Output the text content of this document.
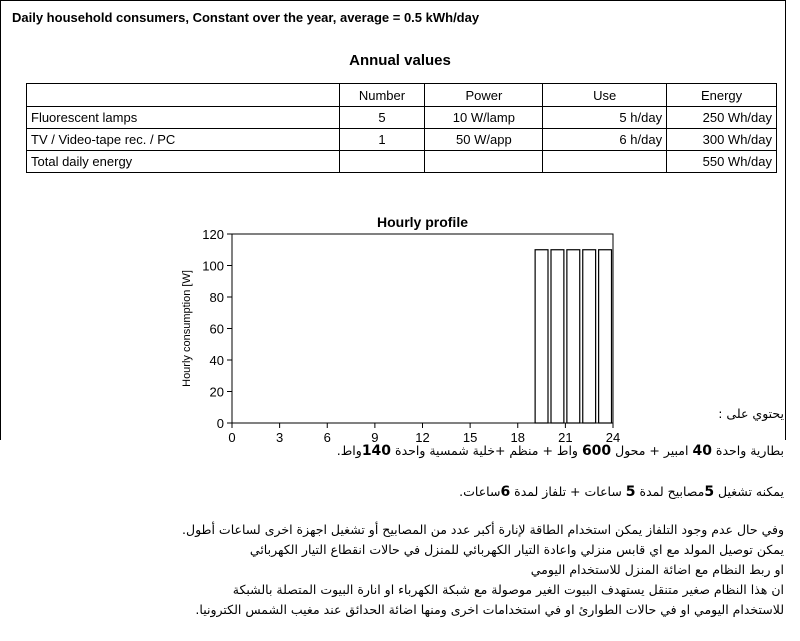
Daily household consumers, Constant over the year, average = 0.5 kWh/day
Annual values
	Number	Power	Use	Energy
Fluorescent lamps	5	10 W/lamp	5 h/day	250 Wh/day
TV / Video-tape rec. / PC	1	50 W/app	6 h/day	300 Wh/day
Total daily energy				550 Wh/day
Hourly profile
0
20
40
60
80
100
120
0	3	6	9	12	15	18	21	24
Hourly consumption [W]
يحتوي على :
بطارية واحدة 40 امبير + محول 600 واط + منظم +خلية شمسية واحدة 140واط.
يمكنه تشغيل 5مصابيح لمدة 5 ساعات + تلفاز لمدة 6ساعات.
وفي حال عدم وجود التلفاز يمكن استخدام الطاقة لإنارة أكبر عدد من المصابيح أو تشغيل اجهزة اخرى لساعات أطول.
يمكن توصيل المولد مع اي قابس منزلي واعادة التيار الكهربائي للمنزل في حالات انقطاع التيار الكهربائي
او ربط النظام مع اضائة المنزل للاستخدام اليومي
ان هذا النظام صغير متنقل يستهدف البيوت الغير موصولة مع شبكة الكهرباء او انارة البيوت المتصلة بالشبكة
للاستخدام اليومي او في حالات الطوارئ او في استخدامات اخرى ومنها اضائة الحدائق عند مغيب الشمس الكترونيا.
